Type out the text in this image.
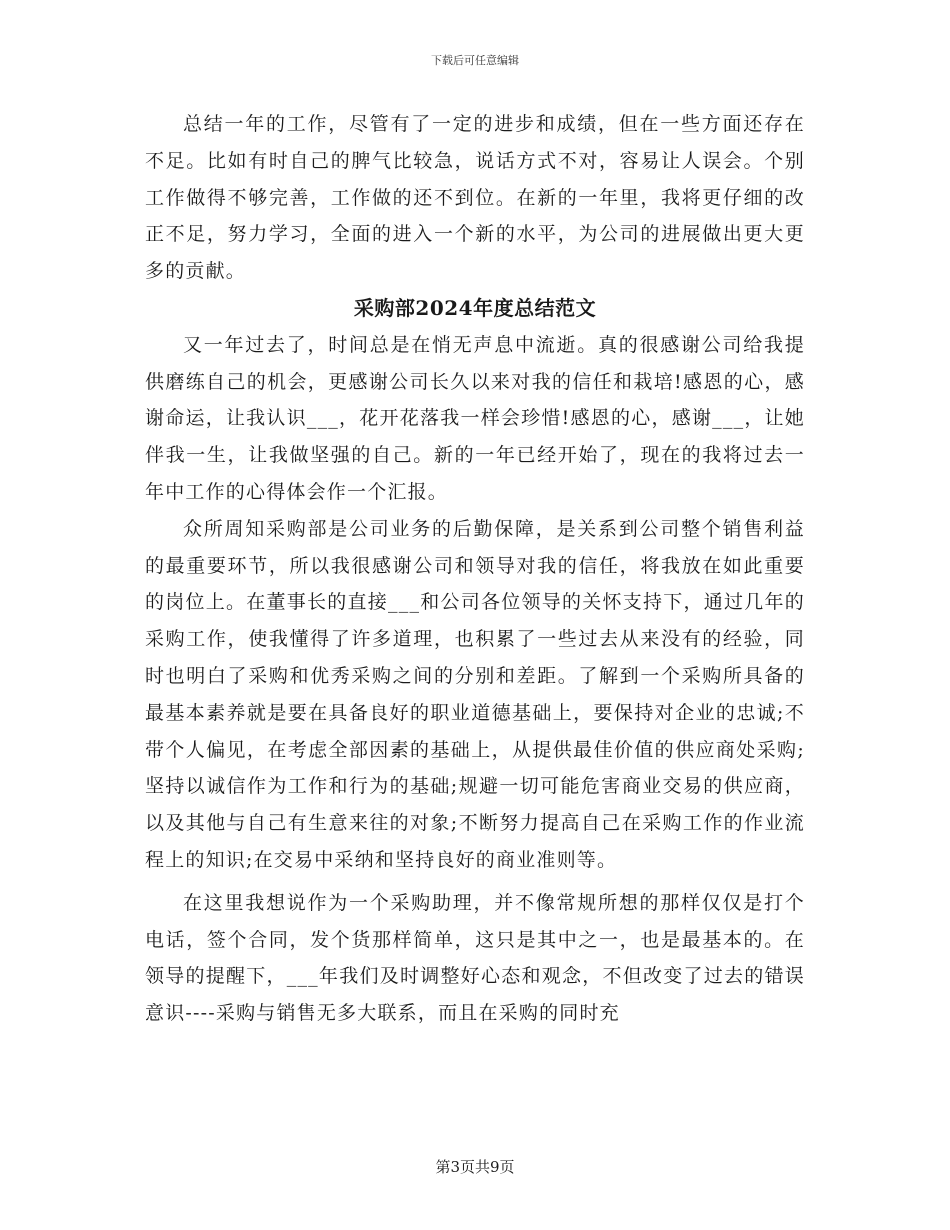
下载后可任意编辑

总结一年的工作，尽管有了一定的进步和成绩，但在一些方面还存在不足。比如有时自己的脾气比较急，说话方式不对，容易让人误会。个别工作做得不够完善，工作做的还不到位。在新的一年里，我将更仔细的改正不足，努力学习，全面的进入一个新的水平，为公司的进展做出更大更多的贡献。

采购部2024年度总结范文

又一年过去了，时间总是在悄无声息中流逝。真的很感谢公司给我提供磨练自己的机会，更感谢公司长久以来对我的信任和栽培!感恩的心，感谢命运，让我认识___，花开花落我一样会珍惜!感恩的心，感谢___，让她伴我一生，让我做坚强的自己。新的一年已经开始了，现在的我将过去一年中工作的心得体会作一个汇报。

众所周知采购部是公司业务的后勤保障，是关系到公司整个销售利益的最重要环节，所以我很感谢公司和领导对我的信任，将我放在如此重要的岗位上。在董事长的直接___和公司各位领导的关怀支持下，通过几年的采购工作，使我懂得了许多道理，也积累了一些过去从来没有的经验，同时也明白了采购和优秀采购之间的分别和差距。了解到一个采购所具备的最基本素养就是要在具备良好的职业道德基础上，要保持对企业的忠诚;不带个人偏见，在考虑全部因素的基础上，从提供最佳价值的供应商处采购;坚持以诚信作为工作和行为的基础;规避一切可能危害商业交易的供应商，以及其他与自己有生意来往的对象;不断努力提高自己在采购工作的作业流程上的知识;在交易中采纳和坚持良好的商业准则等。

在这里我想说作为一个采购助理，并不像常规所想的那样仅仅是打个电话，签个合同，发个货那样简单，这只是其中之一，也是最基本的。在领导的提醒下，___年我们及时调整好心态和观念，不但改变了过去的错误意识----采购与销售无多大联系，而且在采购的同时充

第3页共9页
